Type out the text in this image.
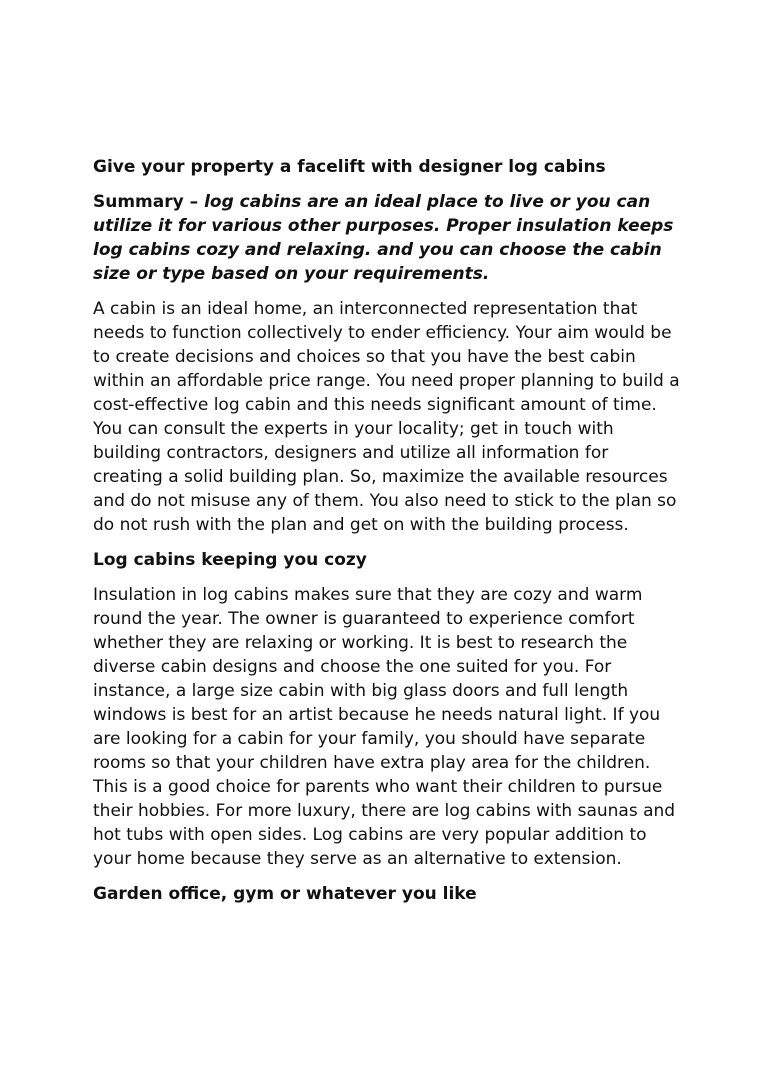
Give your property a facelift with designer log cabins

Summary – log cabins are an ideal place to live or you can utilize it for various other purposes. Proper insulation keeps log cabins cozy and relaxing. and you can choose the cabin size or type based on your requirements.

A cabin is an ideal home, an interconnected representation that needs to function collectively to ender efficiency. Your aim would be to create decisions and choices so that you have the best cabin within an affordable price range. You need proper planning to build a cost-effective log cabin and this needs significant amount of time. You can consult the experts in your locality; get in touch with building contractors, designers and utilize all information for creating a solid building plan. So, maximize the available resources and do not misuse any of them. You also need to stick to the plan so do not rush with the plan and get on with the building process.

Log cabins keeping you cozy

Insulation in log cabins makes sure that they are cozy and warm round the year. The owner is guaranteed to experience comfort whether they are relaxing or working. It is best to research the diverse cabin designs and choose the one suited for you. For instance, a large size cabin with big glass doors and full length windows is best for an artist because he needs natural light. If you are looking for a cabin for your family, you should have separate rooms so that your children have extra play area for the children. This is a good choice for parents who want their children to pursue their hobbies. For more luxury, there are log cabins with saunas and hot tubs with open sides. Log cabins are very popular addition to your home because they serve as an alternative to extension.

Garden office, gym or whatever you like
